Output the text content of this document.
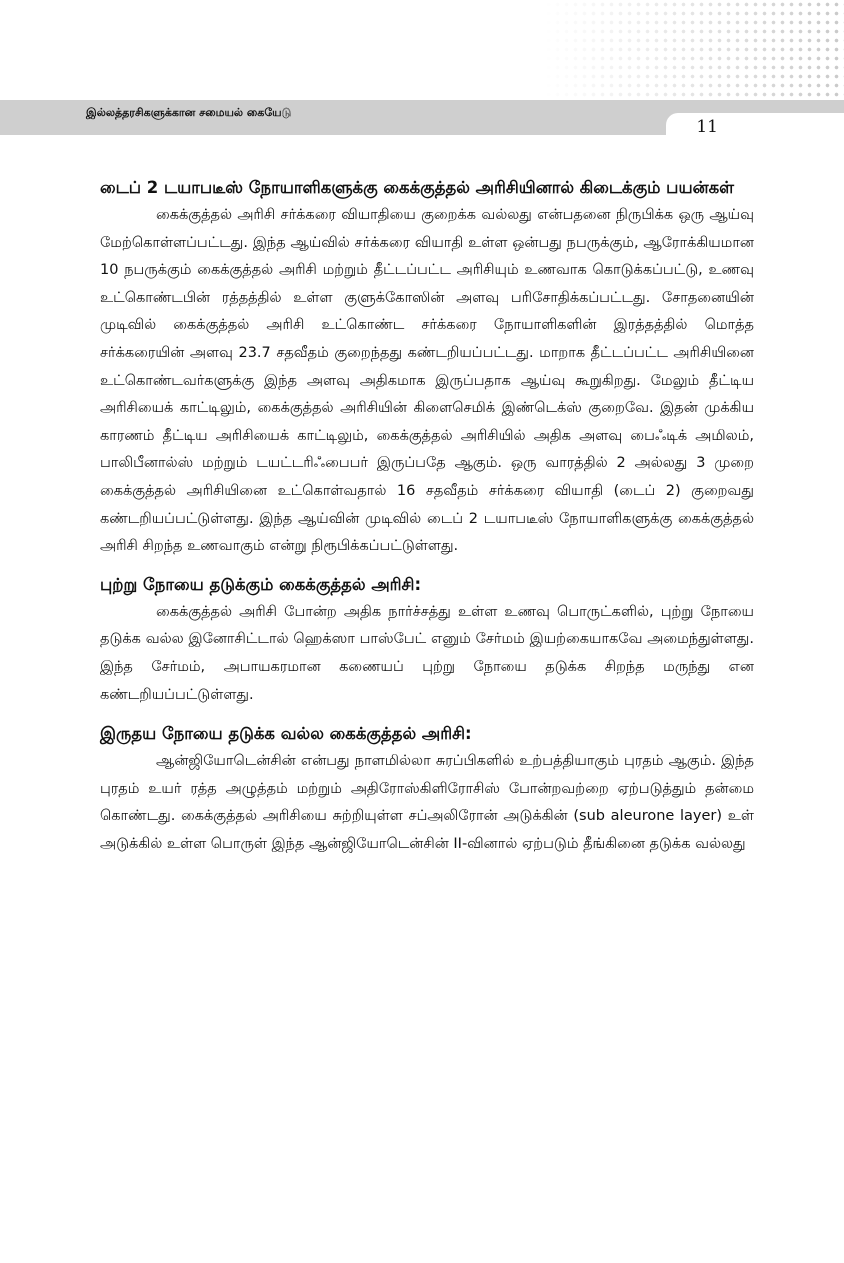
இல்லத்தரசிகளுக்கான சமையல் கையேடு
11
டைப் 2 டயாபடீஸ் நோயாளிகளுக்கு கைக்குத்தல் அரிசியினால் கிடைக்கும் பயன்கள்

கைக்குத்தல் அரிசி சர்க்கரை வியாதியை குறைக்க வல்லது என்பதனை நிருபிக்க ஒரு ஆய்வு மேற்கொள்ளப்பட்டது. இந்த ஆய்வில் சர்க்கரை வியாதி உள்ள ஒன்பது நபருக்கும், ஆரோக்கியமான 10 நபருக்கும் கைக்குத்தல் அரிசி மற்றும் தீட்டப்பட்ட அரிசியும் உணவாக கொடுக்கப்பட்டு, உணவு உட்கொண்டபின் ரத்தத்தில் உள்ள குளுக்கோஸின் அளவு பரிசோதிக்கப்பட்டது. சோதனையின் முடிவில் கைக்குத்தல் அரிசி உட்கொண்ட சர்க்கரை நோயாளிகளின் இரத்தத்தில் மொத்த சர்க்கரையின் அளவு 23.7 சதவீதம் குறைந்தது கண்டறியப்பட்டது. மாறாக தீட்டப்பட்ட அரிசியினை உட்கொண்டவர்களுக்கு இந்த அளவு அதிகமாக இருப்பதாக ஆய்வு கூறுகிறது. மேலும் தீட்டிய அரிசியைக் காட்டிலும், கைக்குத்தல் அரிசியின் கிளைசெமிக் இண்டெக்ஸ் குறைவே. இதன் முக்கிய காரணம் தீட்டிய அரிசியைக் காட்டிலும், கைக்குத்தல் அரிசியில் அதிக அளவு பைஃடிக் அமிலம், பாலிபீனால்ஸ் மற்றும் டயட்டரிஃபைபர் இருப்பதே ஆகும். ஒரு வாரத்தில் 2 அல்லது 3 முறை கைக்குத்தல் அரிசியினை உட்கொள்வதால் 16 சதவீதம் சர்க்கரை வியாதி (டைப் 2) குறைவது கண்டறியப்பட்டுள்ளது. இந்த ஆய்வின் முடிவில் டைப் 2 டயாபடீஸ் நோயாளிகளுக்கு கைக்குத்தல் அரிசி சிறந்த உணவாகும் என்று நிரூபிக்கப்பட்டுள்ளது.

புற்று நோயை தடுக்கும் கைக்குத்தல் அரிசி:

கைக்குத்தல் அரிசி போன்ற அதிக நார்ச்சத்து உள்ள உணவு பொருட்களில், புற்று நோயை தடுக்க வல்ல இனோசிட்டால் ஹெக்ஸா பாஸ்பேட் எனும் சேர்மம் இயற்கையாகவே அமைந்துள்ளது. இந்த சேர்மம், அபாயகரமான கணையப் புற்று நோயை தடுக்க சிறந்த மருந்து என கண்டறியப்பட்டுள்ளது.

இருதய நோயை தடுக்க வல்ல கைக்குத்தல் அரிசி:

ஆன்ஜியோடென்சின் என்பது நாளமில்லா சுரப்பிகளில் உற்பத்தியாகும் புரதம் ஆகும். இந்த புரதம் உயர் ரத்த அழுத்தம் மற்றும் அதிரோஸ்கிளிரோசிஸ் போன்றவற்றை ஏற்படுத்தும் தன்மை கொண்டது. கைக்குத்தல் அரிசியை சுற்றியுள்ள சப்அலிரோன் அடுக்கின் (sub aleurone layer) உள் அடுக்கில் உள்ள பொருள் இந்த ஆன்ஜியோடென்சின் II-வினால் ஏற்படும் தீங்கினை தடுக்க வல்லது
